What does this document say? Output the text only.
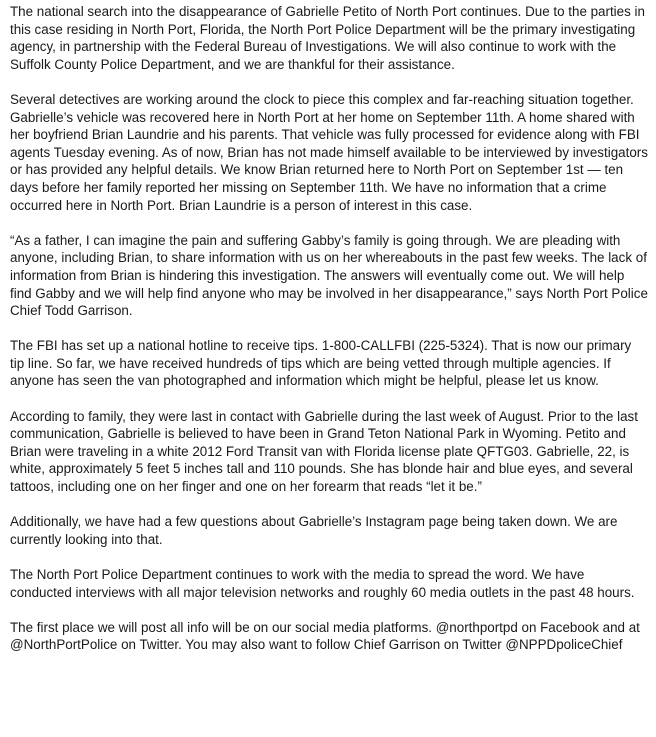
The national search into the disappearance of Gabrielle Petito of North Port continues. Due to the parties in this case residing in North Port, Florida, the North Port Police Department will be the primary investigating agency, in partnership with the Federal Bureau of Investigations. We will also continue to work with the Suffolk County Police Department, and we are thankful for their assistance.

Several detectives are working around the clock to piece this complex and far-reaching situation together. Gabrielle’s vehicle was recovered here in North Port at her home on September 11th. A home shared with her boyfriend Brian Laundrie and his parents. That vehicle was fully processed for evidence along with FBI agents Tuesday evening. As of now, Brian has not made himself available to be interviewed by investigators or has provided any helpful details. We know Brian returned here to North Port on September 1st — ten days before her family reported her missing on September 11th. We have no information that a crime occurred here in North Port. Brian Laundrie is a person of interest in this case.

“As a father, I can imagine the pain and suffering Gabby’s family is going through. We are pleading with anyone, including Brian, to share information with us on her whereabouts in the past few weeks. The lack of information from Brian is hindering this investigation. The answers will eventually come out. We will help find Gabby and we will help find anyone who may be involved in her disappearance,” says North Port Police Chief Todd Garrison.

The FBI has set up a national hotline to receive tips. 1-800-CALLFBI (225-5324). That is now our primary tip line. So far, we have received hundreds of tips which are being vetted through multiple agencies. If anyone has seen the van photographed and information which might be helpful, please let us know.

According to family, they were last in contact with Gabrielle during the last week of August. Prior to the last communication, Gabrielle is believed to have been in Grand Teton National Park in Wyoming. Petito and Brian were traveling in a white 2012 Ford Transit van with Florida license plate QFTG03. Gabrielle, 22, is white, approximately 5 feet 5 inches tall and 110 pounds. She has blonde hair and blue eyes, and several tattoos, including one on her finger and one on her forearm that reads “let it be.”

Additionally, we have had a few questions about Gabrielle’s Instagram page being taken down. We are currently looking into that.

The North Port Police Department continues to work with the media to spread the word. We have conducted interviews with all major television networks and roughly 60 media outlets in the past 48 hours.

The first place we will post all info will be on our social media platforms. @northportpd on Facebook and at @NorthPortPolice on Twitter. You may also want to follow Chief Garrison on Twitter @NPPDpoliceChief
